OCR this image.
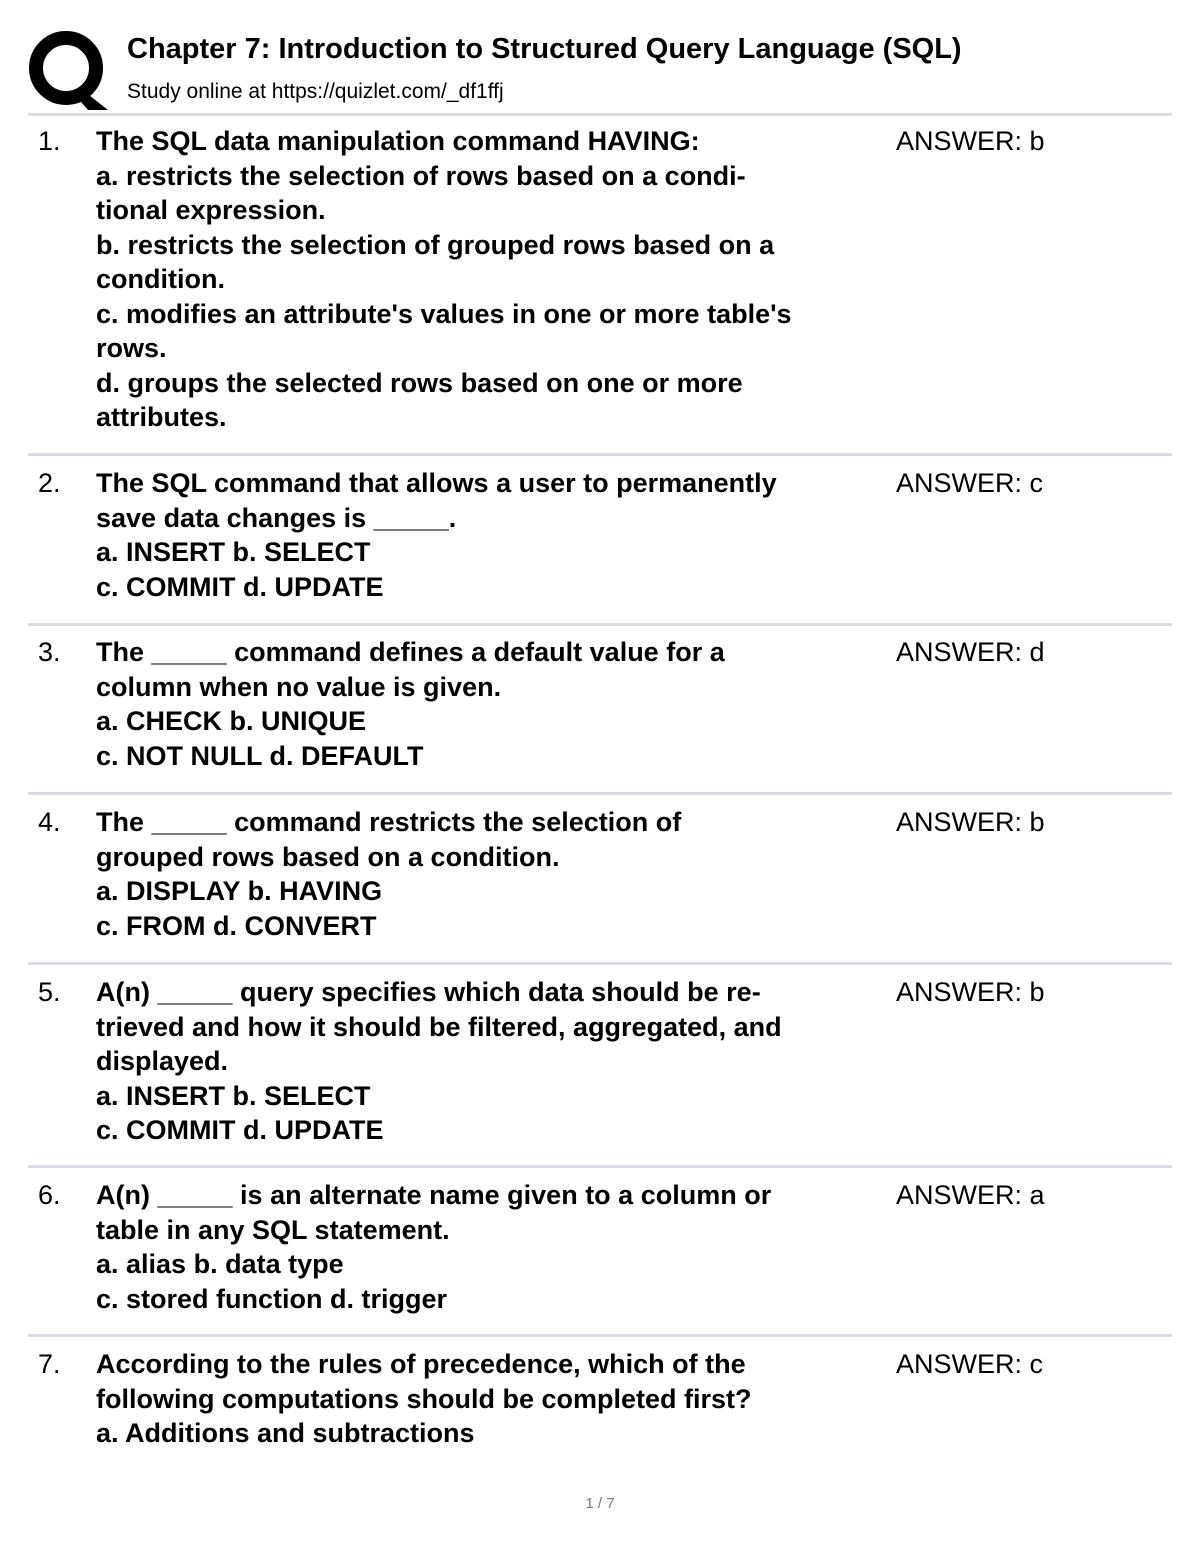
Chapter 7: Introduction to Structured Query Language (SQL)
Study online at https://quizlet.com/_df1ffj
1. The SQL data manipulation command HAVING:
a. restricts the selection of rows based on a condi-
tional expression.
b. restricts the selection of grouped rows based on a
condition.
c. modifies an attribute's values in one or more table's
rows.
d. groups the selected rows based on one or more
attributes.
ANSWER: b
2. The SQL command that allows a user to permanently
save data changes is _____.
a. INSERT b. SELECT
c. COMMIT d. UPDATE
ANSWER: c
3. The _____ command defines a default value for a
column when no value is given.
a. CHECK b. UNIQUE
c. NOT NULL d. DEFAULT
ANSWER: d
4. The _____ command restricts the selection of
grouped rows based on a condition.
a. DISPLAY b. HAVING
c. FROM d. CONVERT
ANSWER: b
5. A(n) _____ query specifies which data should be re-
trieved and how it should be filtered, aggregated, and
displayed.
a. INSERT b. SELECT
c. COMMIT d. UPDATE
ANSWER: b
6. A(n) _____ is an alternate name given to a column or
table in any SQL statement.
a. alias b. data type
c. stored function d. trigger
ANSWER: a
7. According to the rules of precedence, which of the
following computations should be completed first?
a. Additions and subtractions
ANSWER: c
1 / 7
